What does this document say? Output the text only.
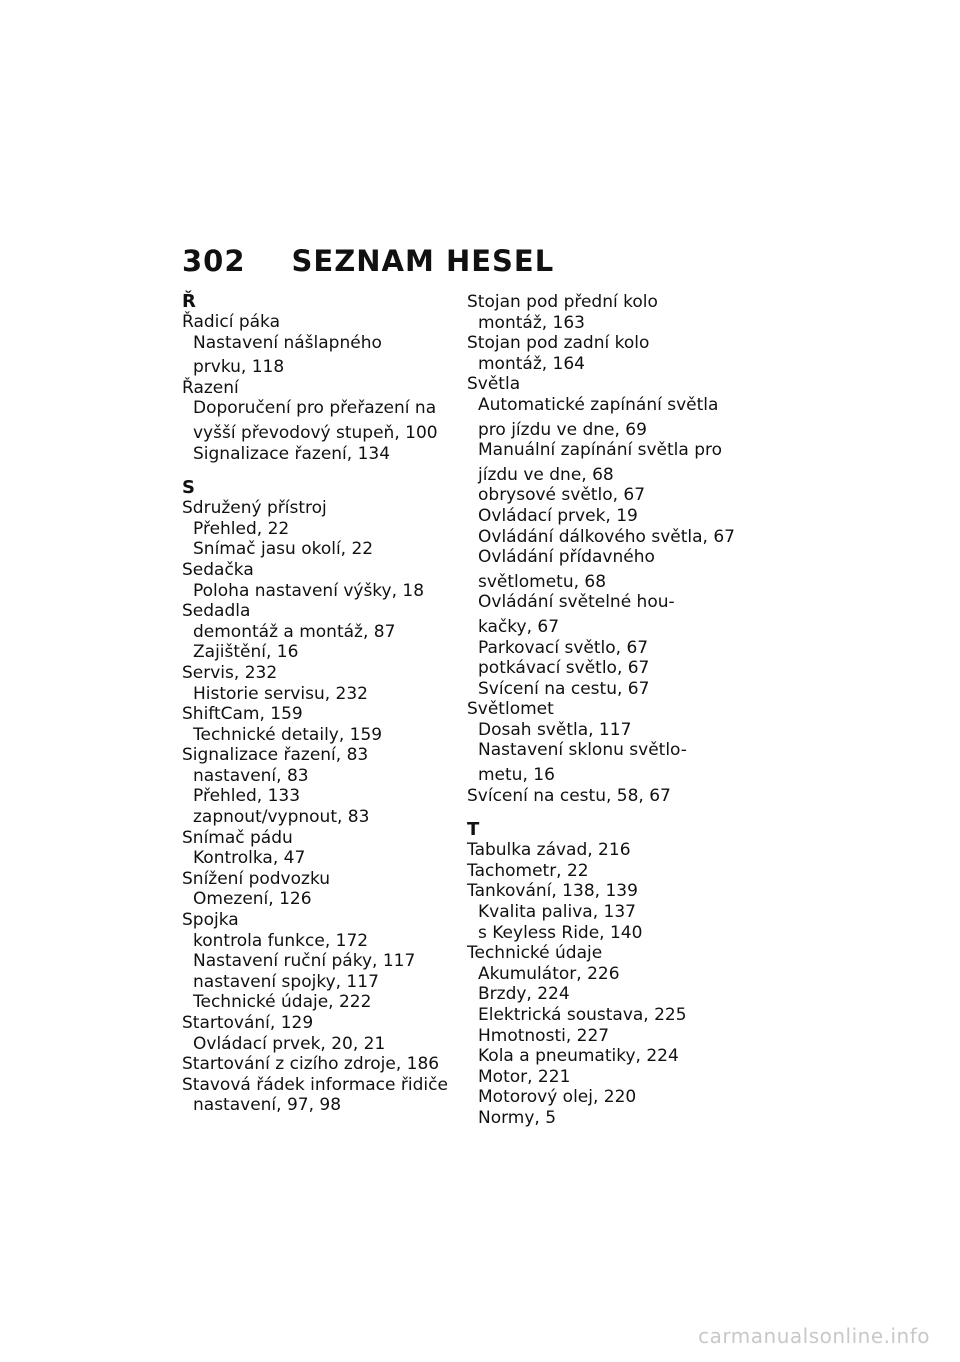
302 SEZNAM HESEL
Ř
Řadicí páka
Nastavení nášlapného
prvku, 118
Řazení
Doporučení pro přeřazení na
vyšší převodový stupeň, 100
Signalizace řazení, 134
S
Sdružený přístroj
Přehled, 22
Snímač jasu okolí, 22
Sedačka
Poloha nastavení výšky, 18
Sedadla
demontáž a montáž, 87
Zajištění, 16
Servis, 232
Historie servisu, 232
ShiftCam, 159
Technické detaily, 159
Signalizace řazení, 83
nastavení, 83
Přehled, 133
zapnout/vypnout, 83
Snímač pádu
Kontrolka, 47
Snížení podvozku
Omezení, 126
Spojka
kontrola funkce, 172
Nastavení ruční páky, 117
nastavení spojky, 117
Technické údaje, 222
Startování, 129
Ovládací prvek, 20, 21
Startování z cizího zdroje, 186
Stavová řádek informace řidiče
nastavení, 97, 98
Stojan pod přední kolo
montáž, 163
Stojan pod zadní kolo
montáž, 164
Světla
Automatické zapínání světla
pro jízdu ve dne, 69
Manuální zapínání světla pro
jízdu ve dne, 68
obrysové světlo, 67
Ovládací prvek, 19
Ovládání dálkového světla, 67
Ovládání přídavného
světlometu, 68
Ovládání světelné hou-
kačky, 67
Parkovací světlo, 67
potkávací světlo, 67
Svícení na cestu, 67
Světlomet
Dosah světla, 117
Nastavení sklonu světlo-
metu, 16
Svícení na cestu, 58, 67
T
Tabulka závad, 216
Tachometr, 22
Tankování, 138, 139
Kvalita paliva, 137
s Keyless Ride, 140
Technické údaje
Akumulátor, 226
Brzdy, 224
Elektrická soustava, 225
Hmotnosti, 227
Kola a pneumatiky, 224
Motor, 221
Motorový olej, 220
Normy, 5
carmanualsonline.info
